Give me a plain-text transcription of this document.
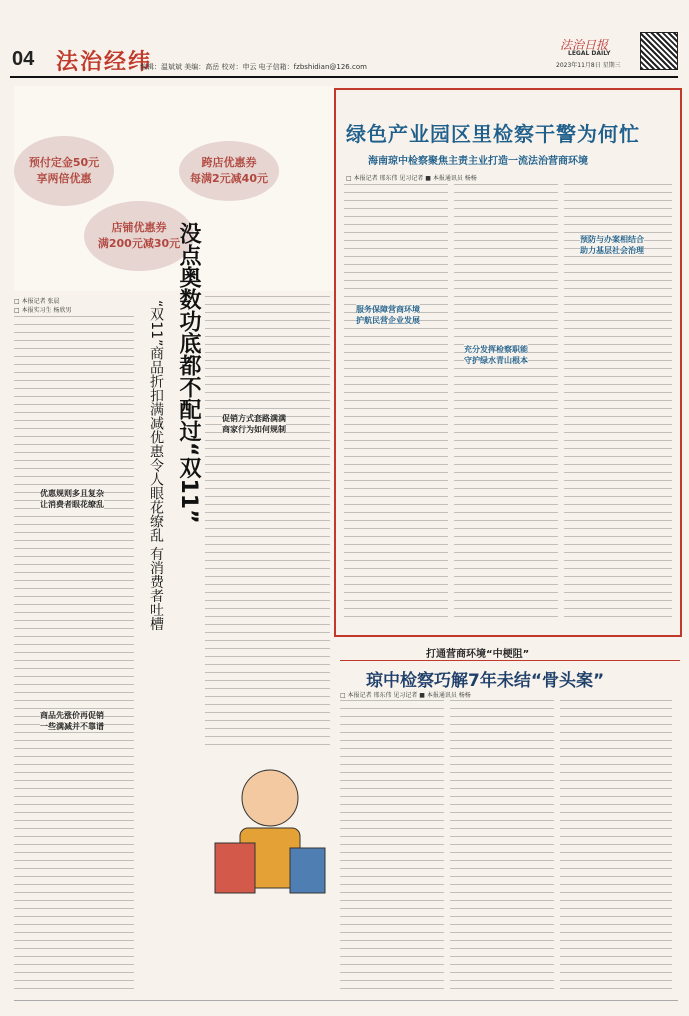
04 法治经纬
编辑：温斌斌 美编：高岳 校对：申云 电子信箱：fzbshidian@126.com
法治日报
LEGAL DAILY
2023年11月8日 星期三
预付定金50元
享两倍优惠
跨店优惠券
每满2元减40元
店铺优惠券
满200元减30元
□ 本报记者 张晨
□ 本报实习生 杨欣男	没点奥数功底都不配过“双11”
“双11”商品折扣满减优惠令人眼花缭乱 有消费者吐槽
优惠规则多且复杂
让消费者眼花缭乱
商品先涨价再促销
一些满减并不靠谱
促销方式套路满满
商家行为如何规制
绿色产业园区里检察干警为何忙
海南琼中检察聚焦主责主业打造一流法治营商环境
□ 本报记者 邢东伟 见习记者 ■ 本报通讯员 杨杨
服务保障营商环境
护航民营企业发展
充分发挥检察职能
守护绿水青山根本
预防与办案相结合
助力基层社会治理
打通营商环境“中梗阻”
琼中检察巧解7年未结“骨头案”
□ 本报记者 邢东伟 见习记者 ■ 本报通讯员 杨杨
